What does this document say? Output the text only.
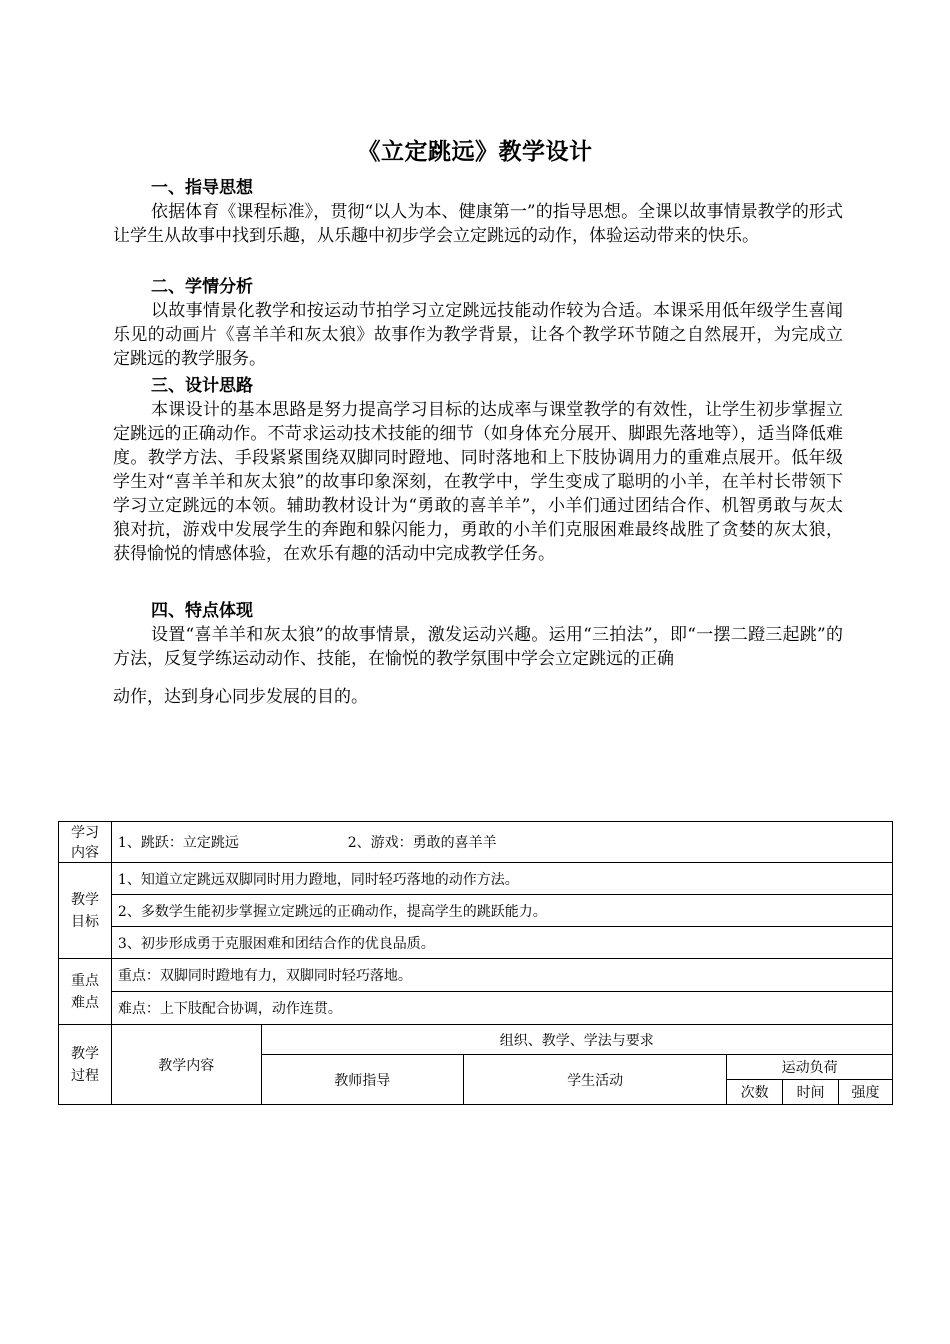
《立定跳远》教学设计
一、指导思想

依据体育《课程标准》，贯彻“以人为本、健康第一”的指导思想。全课以故事情景教学的形式让学生从故事中找到乐趣，从乐趣中初步学会立定跳远的动作，体验运动带来的快乐。

二、学情分析

以故事情景化教学和按运动节拍学习立定跳远技能动作较为合适。本课采用低年级学生喜闻乐见的动画片《喜羊羊和灰太狼》故事作为教学背景，让各个教学环节随之自然展开，为完成立定跳远的教学服务。

三、设计思路

本课设计的基本思路是努力提高学习目标的达成率与课堂教学的有效性，让学生初步掌握立定跳远的正确动作。不苛求运动技术技能的细节（如身体充分展开、脚跟先落地等），适当降低难度。教学方法、手段紧紧围绕双脚同时蹬地、同时落地和上下肢协调用力的重难点展开。低年级学生对“喜羊羊和灰太狼”的故事印象深刻，在教学中，学生变成了聪明的小羊，在羊村长带领下学习立定跳远的本领。辅助教材设计为“勇敢的喜羊羊”，小羊们通过团结合作、机智勇敢与灰太狼对抗，游戏中发展学生的奔跑和躲闪能力，勇敢的小羊们克服困难最终战胜了贪婪的灰太狼，获得愉悦的情感体验，在欢乐有趣的活动中完成教学任务。

四、特点体现

设置“喜羊羊和灰太狼”的故事情景，激发运动兴趣。运用“三拍法”，即“一摆二蹬三起跳”的方法，反复学练运动动作、技能，在愉悦的教学氛围中学会立定跳远的正确

动作，达到身心同步发展的目的。

学习内容	1、跳跃：立定跳远 2、游戏：勇敢的喜羊羊					
教学目标	1、知道立定跳远双脚同时用力蹬地，同时轻巧落地的动作方法。					
	2、多数学生能初步掌握立定跳远的正确动作，提高学生的跳跃能力。					
	3、初步形成勇于克服困难和团结合作的优良品质。					
重点难点	重点：双脚同时蹬地有力，双脚同时轻巧落地。					
	难点：上下肢配合协调，动作连贯。					
教学过程	教学内容	组织、教学、学法与要求				
		教师指导	学生活动	运动负荷		
				次数	时间	强度
